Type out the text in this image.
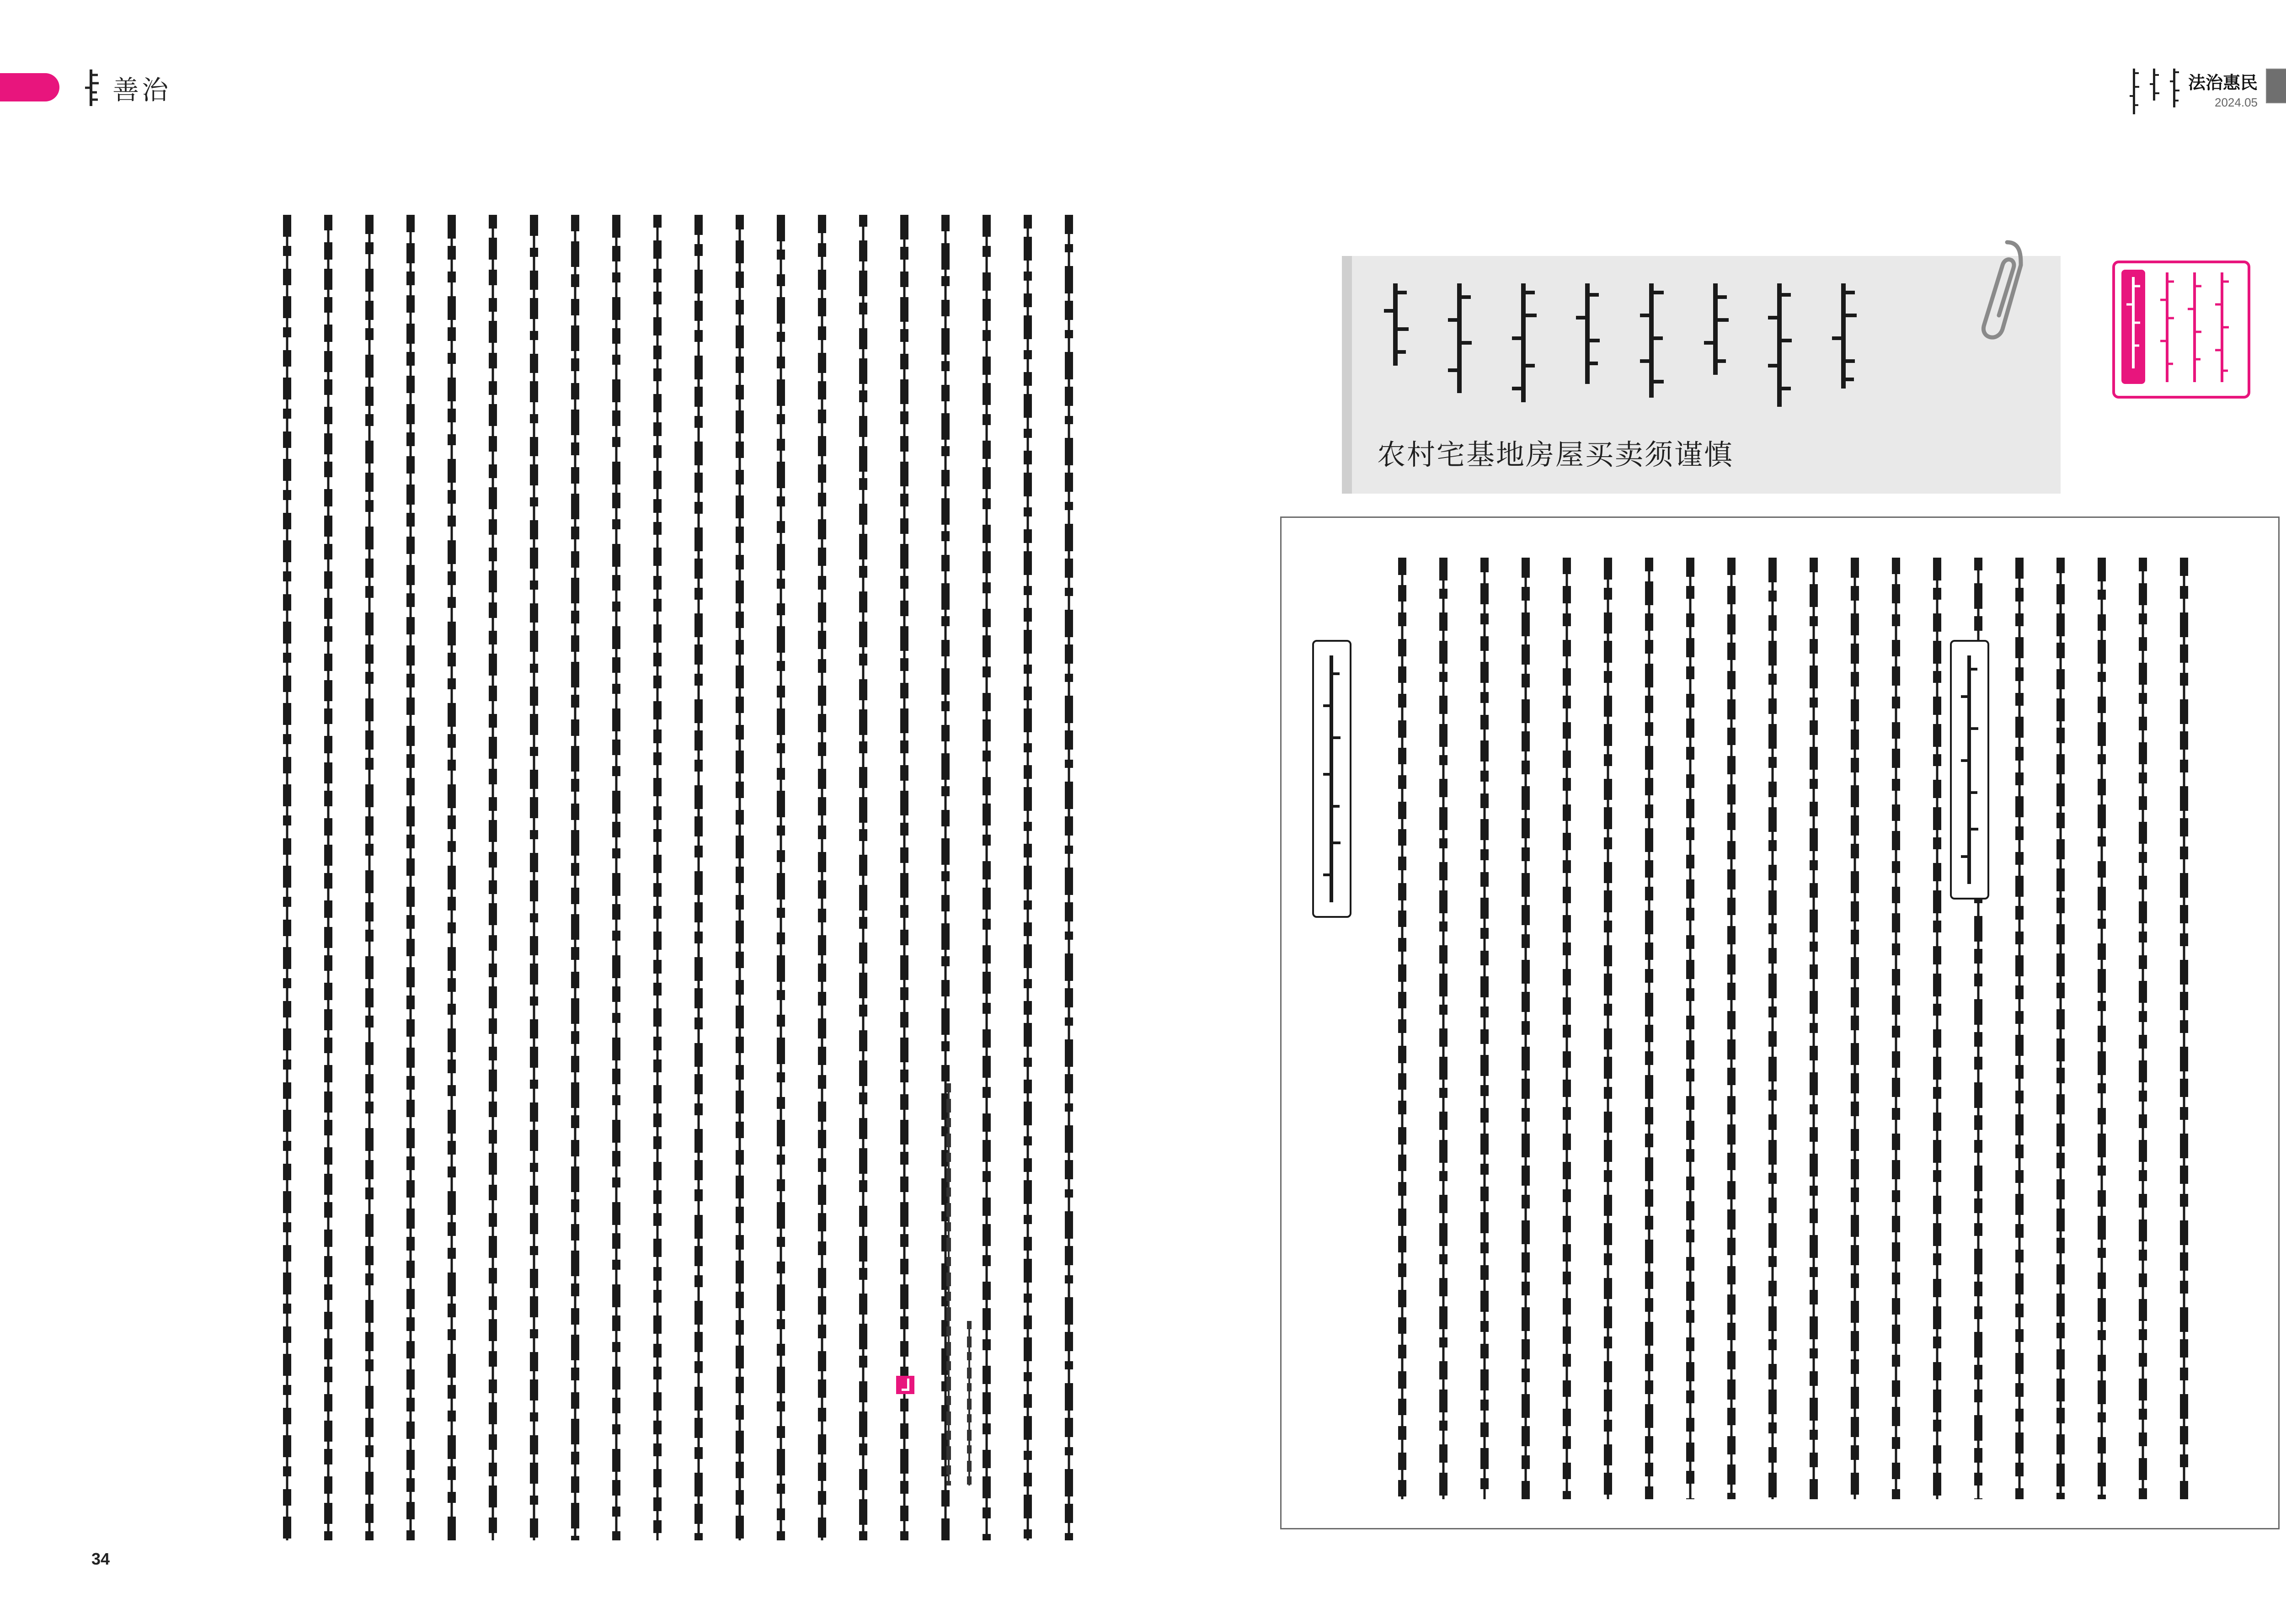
善治
34
法治惠民
2024.05
农村宅基地房屋买卖须谨慎
